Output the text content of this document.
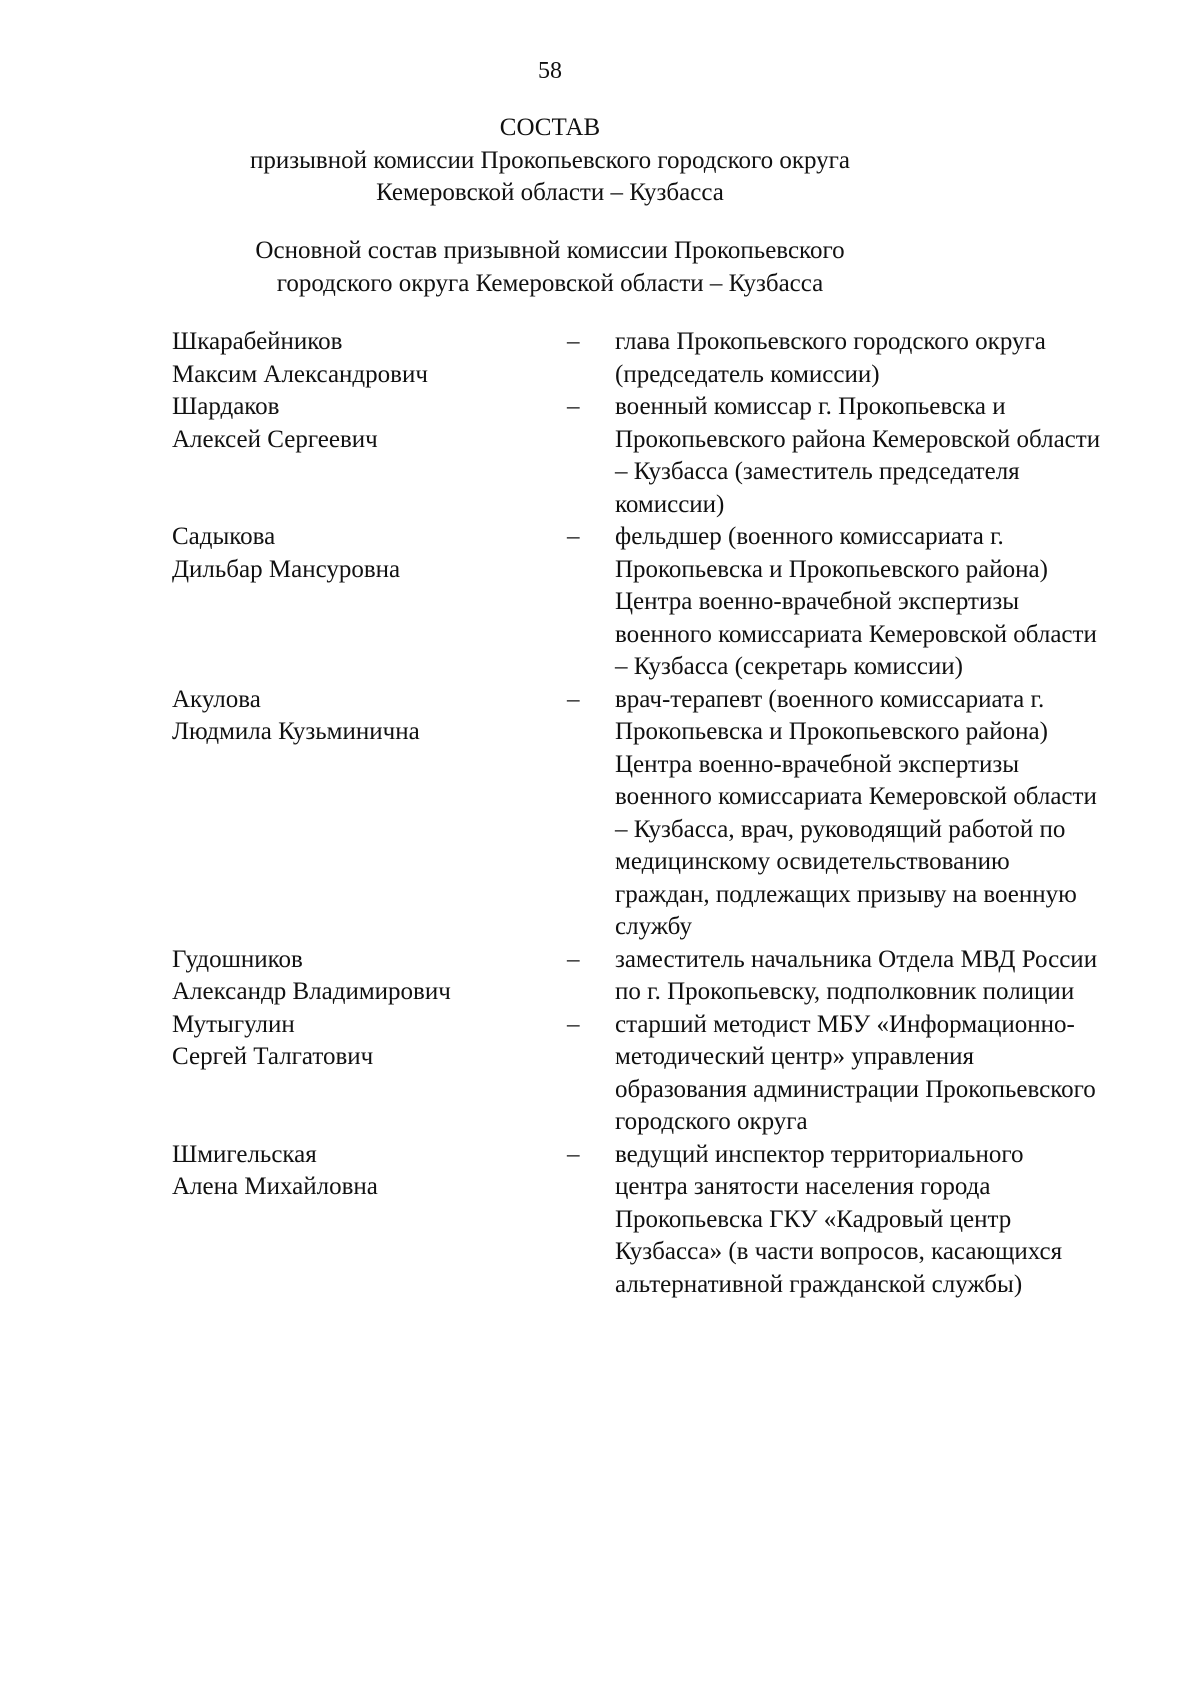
58
СОСТАВ
призывной комиссии Прокопьевского городского округа
Кемеровской области – Кузбасса
Основной состав призывной комиссии Прокопьевского
городского округа Кемеровской области – Кузбасса
Шкарабейников
Максим Александрович
–	глава Прокопьевского городского округа (председатель комиссии)
Шардаков
Алексей Сергеевич
–	военный комиссар г. Прокопьевска и Прокопьевского района Кемеровской области – Кузбасса (заместитель председателя комиссии)
Садыкова
Дильбар Мансуровна
–	фельдшер (военного комиссариата г. Прокопьевска и Прокопьевского района) Центра военно-врачебной экспертизы военного комиссариата Кемеровской области – Кузбасса (секретарь комиссии)
Акулова
Людмила Кузьминична
–	врач-терапевт (военного комиссариата г. Прокопьевска и Прокопьевского района) Центра военно-врачебной экспертизы военного комиссариата Кемеровской области – Кузбасса, врач, руководящий работой по медицинскому освидетельствованию граждан, подлежащих призыву на военную службу
Гудошников
Александр Владимирович
–	заместитель начальника Отдела МВД России по г. Прокопьевску, подполковник полиции
Мутыгулин
Сергей Талгатович
–	старший методист МБУ «Информационно-методический центр» управления образования администрации Прокопьевского городского округа
Шмигельская
Алена Михайловна
–	ведущий инспектор территориального центра занятости населения города Прокопьевска ГКУ «Кадровый центр Кузбасса» (в части вопросов, касающихся альтернативной гражданской службы)
